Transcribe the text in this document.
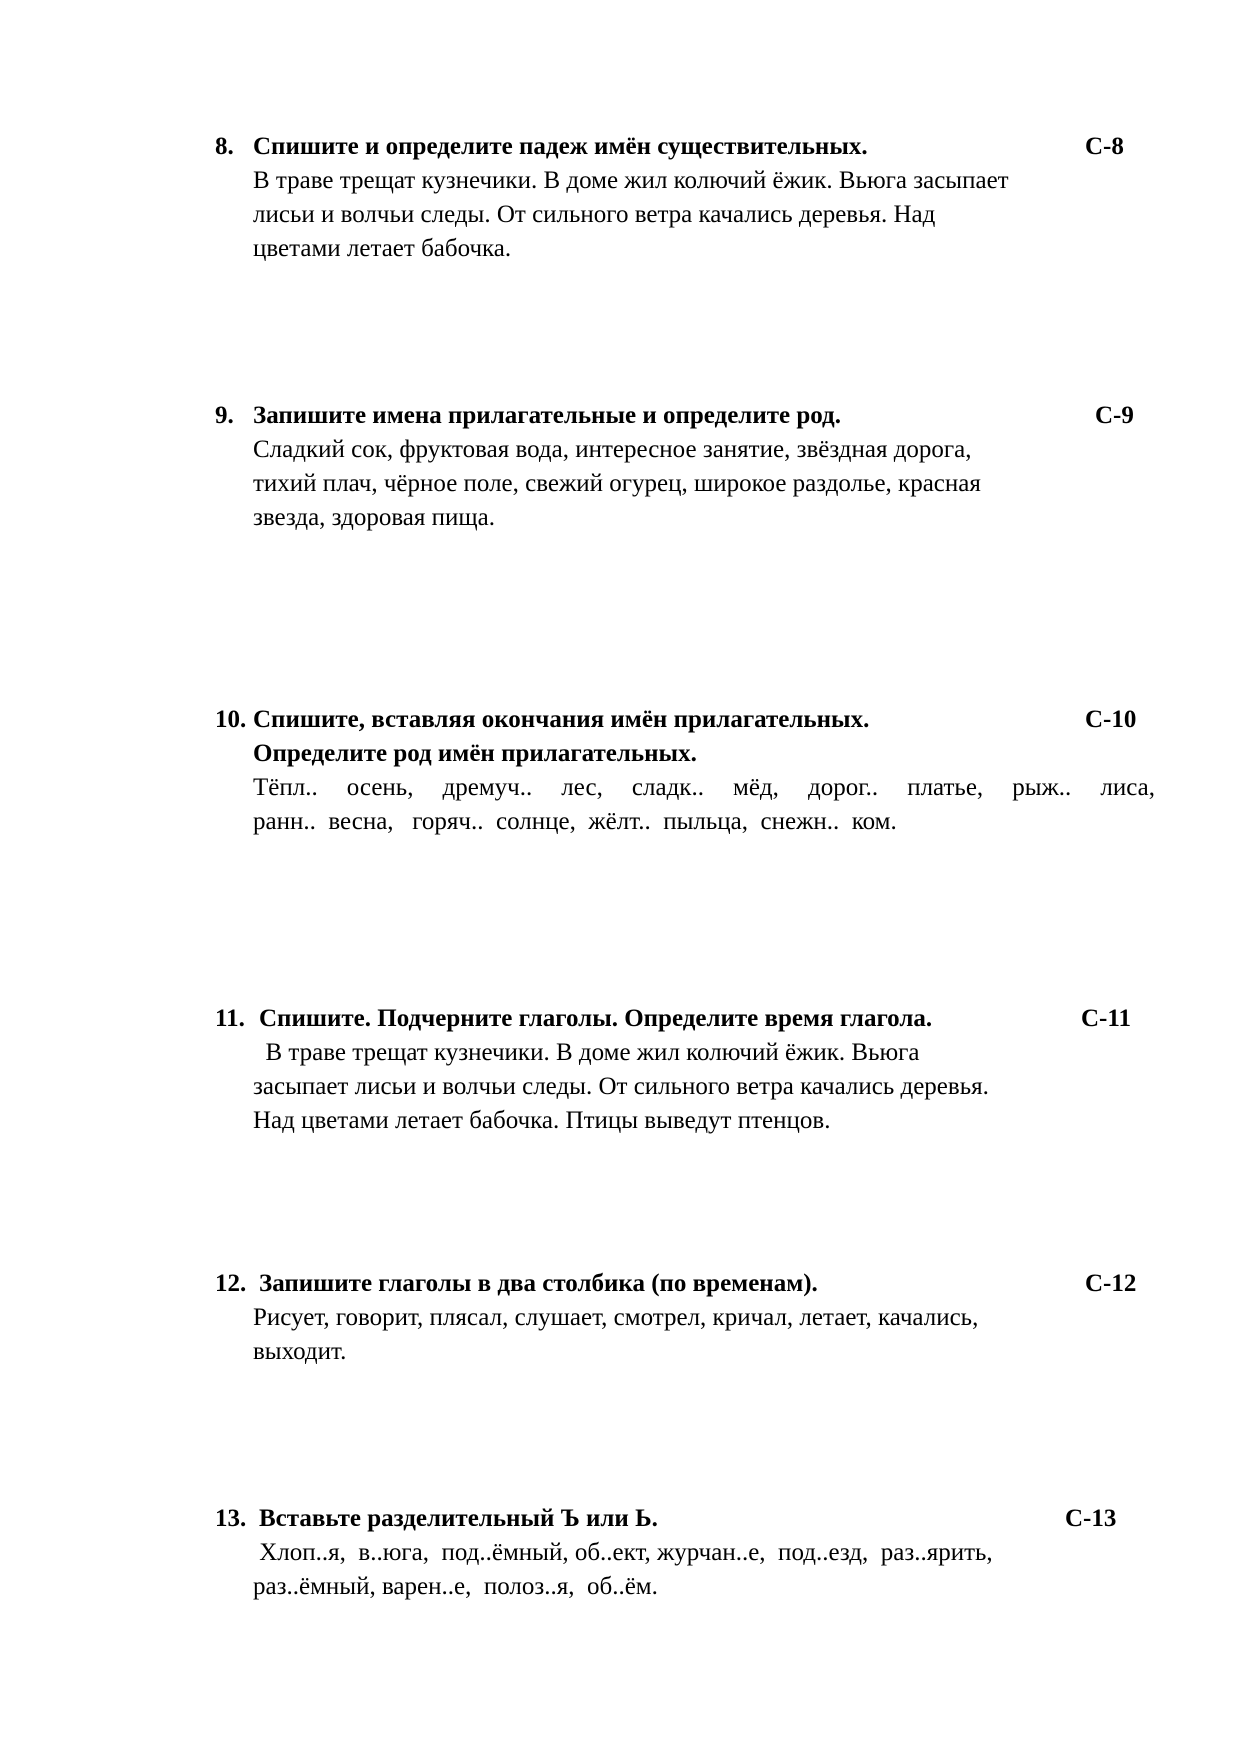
8. Спишите и определите падеж имён существительных.	С-8
В траве трещат кузнечики. В доме жил колючий ёжик. Вьюга засыпает
лисьи и волчьи следы. От сильного ветра качались деревья. Над
цветами летает бабочка.
9. Запишите имена прилагательные и определите род.	С-9
Сладкий сок, фруктовая вода, интересное занятие, звёздная дорога,
тихий плач, чёрное поле, свежий огурец, широкое раздолье, красная
звезда, здоровая пища.
10. Спишите, вставляя окончания имён прилагательных.	С-10
Определите род имён прилагательных.
Тёпл.. осень, дремуч.. лес, сладк.. мёд, дорог.. платье, рыж.. лиса,
ранн..  весна,   горяч..  солнце,  жёлт..  пыльца,  снежн..  ком.
11. Спишите. Подчерните глаголы. Определите время глагола.	С-11
В траве трещат кузнечики. В доме жил колючий ёжик. Вьюга
засыпает лисьи и волчьи следы. От сильного ветра качались деревья.
Над цветами летает бабочка. Птицы выведут птенцов.
12. Запишите глаголы в два столбика (по временам).	С-12
Рисует, говорит, плясал, слушает, смотрел, кричал, летает, качались,
выходит.
13. Вставьте разделительный Ъ или Ь.	С-13
Хлоп..я,  в..юга,  под..ёмный, об..ект, журчан..е,  под..езд,  раз..ярить,
раз..ёмный, варен..е,  полоз..я,  об..ём.
